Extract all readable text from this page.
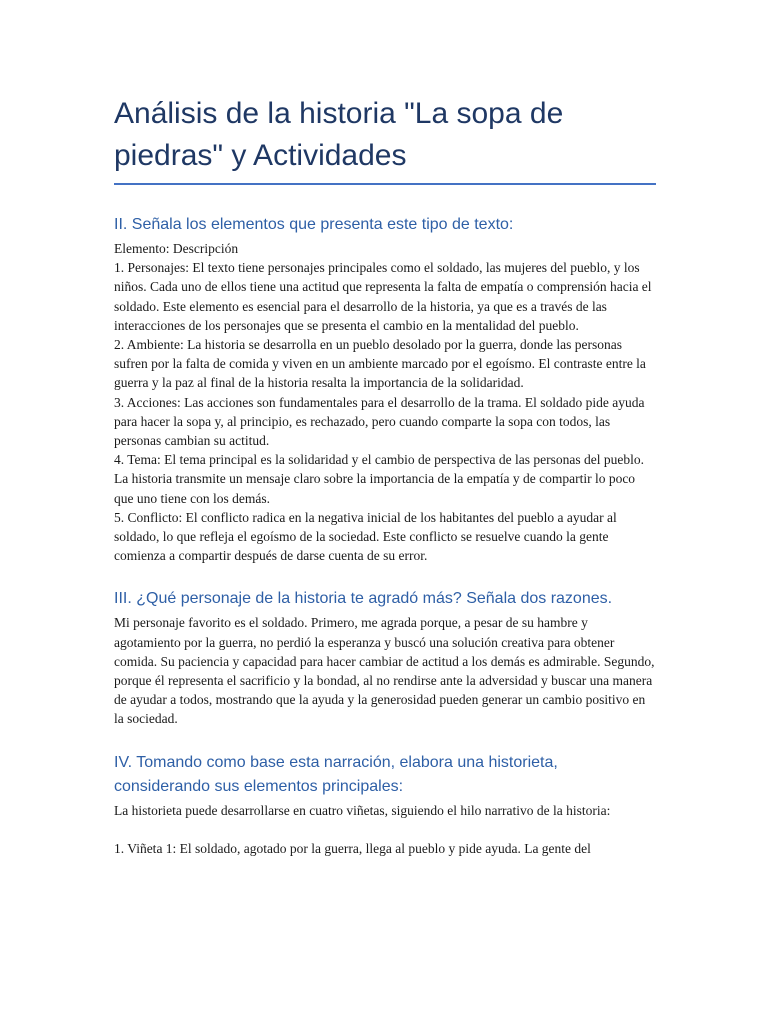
Análisis de la historia "La sopa de piedras" y Actividades
II. Señala los elementos que presenta este tipo de texto:

Elemento: Descripción

1. Personajes: El texto tiene personajes principales como el soldado, las mujeres del pueblo, y los niños. Cada uno de ellos tiene una actitud que representa la falta de empatía o comprensión hacia el soldado. Este elemento es esencial para el desarrollo de la historia, ya que es a través de las interacciones de los personajes que se presenta el cambio en la mentalidad del pueblo.

2. Ambiente: La historia se desarrolla en un pueblo desolado por la guerra, donde las personas sufren por la falta de comida y viven en un ambiente marcado por el egoísmo. El contraste entre la guerra y la paz al final de la historia resalta la importancia de la solidaridad.

3. Acciones: Las acciones son fundamentales para el desarrollo de la trama. El soldado pide ayuda para hacer la sopa y, al principio, es rechazado, pero cuando comparte la sopa con todos, las personas cambian su actitud.

4. Tema: El tema principal es la solidaridad y el cambio de perspectiva de las personas del pueblo. La historia transmite un mensaje claro sobre la importancia de la empatía y de compartir lo poco que uno tiene con los demás.

5. Conflicto: El conflicto radica en la negativa inicial de los habitantes del pueblo a ayudar al soldado, lo que refleja el egoísmo de la sociedad. Este conflicto se resuelve cuando la gente comienza a compartir después de darse cuenta de su error.

III. ¿Qué personaje de la historia te agradó más? Señala dos razones.

Mi personaje favorito es el soldado. Primero, me agrada porque, a pesar de su hambre y agotamiento por la guerra, no perdió la esperanza y buscó una solución creativa para obtener comida. Su paciencia y capacidad para hacer cambiar de actitud a los demás es admirable. Segundo, porque él representa el sacrificio y la bondad, al no rendirse ante la adversidad y buscar una manera de ayudar a todos, mostrando que la ayuda y la generosidad pueden generar un cambio positivo en la sociedad.

IV. Tomando como base esta narración, elabora una historieta, considerando sus elementos principales:

La historieta puede desarrollarse en cuatro viñetas, siguiendo el hilo narrativo de la historia:

1. Viñeta 1: El soldado, agotado por la guerra, llega al pueblo y pide ayuda. La gente del
